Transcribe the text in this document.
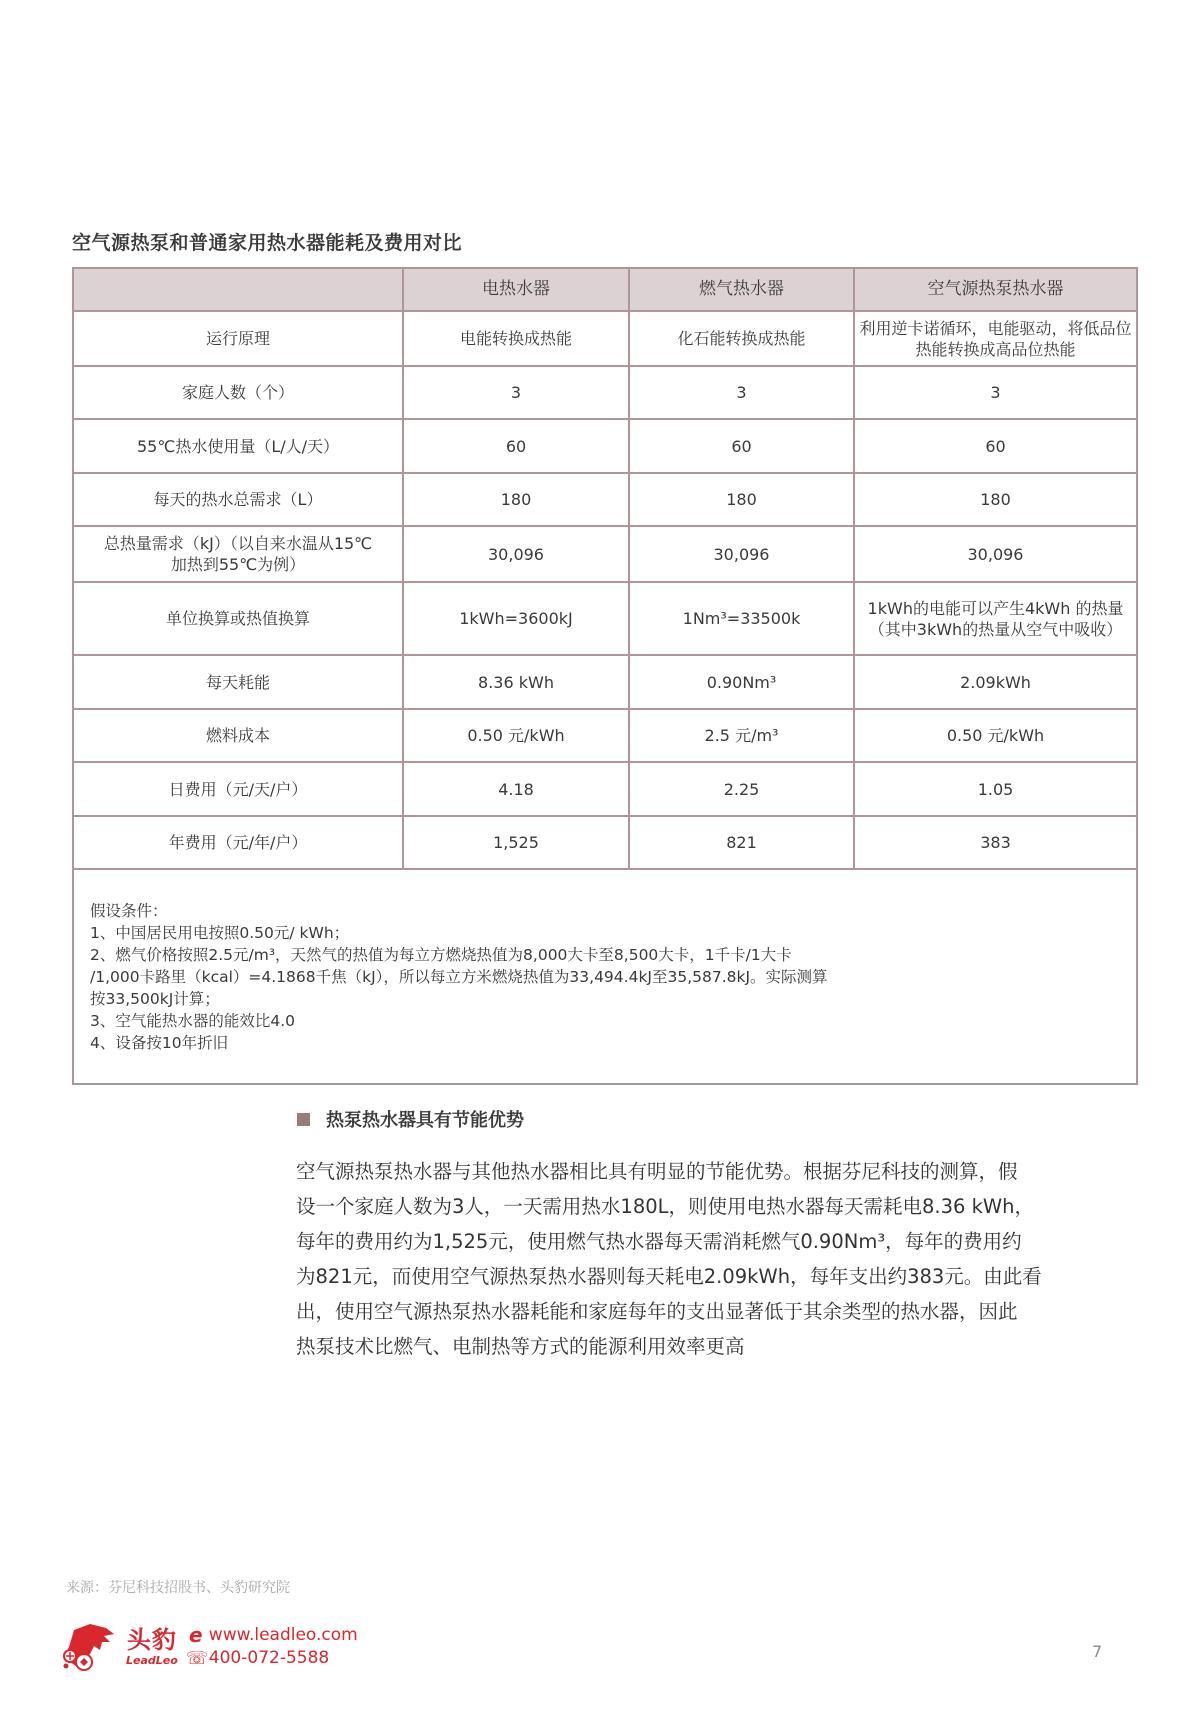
空气源热泵和普通家用热水器能耗及费用对比
	电热水器	燃气热水器	空气源热泵热水器
运行原理	电能转换成热能	化石能转换成热能	利用逆卡诺循环，电能驱动，将低品位热能转换成高品位热能
家庭人数（个）	3	3	3
55℃热水使用量（L/人/天）	60	60	60
每天的热水总需求（L）	180	180	180
总热量需求（kJ）（以自来水温从15℃加热到55℃为例）	30,096	30,096	30,096
单位换算或热值换算	1kWh=3600kJ	1Nm³=33500k	1kWh的电能可以产生4kWh 的热量（其中3kWh的热量从空气中吸收）
每天耗能	8.36 kWh	0.90Nm³	2.09kWh
燃料成本	0.50 元/kWh	2.5 元/m³	0.50 元/kWh
日费用（元/天/户）	4.18	2.25	1.05
年费用（元/年/户）	1,525	821	383

假设条件：
1、中国居民用电按照0.50元/ kWh；
2、燃气价格按照2.5元/m³，天然气的热值为每立方燃烧热值为8,000大卡至8,500大卡，1千卡/1大卡
/1,000卡路里（kcal）=4.1868千焦（kJ），所以每立方米燃烧热值为33,494.4kJ至35,587.8kJ。实际测算
按33,500kJ计算；
3、空气能热水器的能效比4.0
4、设备按10年折旧
热泵热水器具有节能优势
空气源热泵热水器与其他热水器相比具有明显的节能优势。根据芬尼科技的测算，假
设一个家庭人数为3人，一天需用热水180L，则使用电热水器每天需耗电8.36 kWh，
每年的费用约为1,525元，使用燃气热水器每天需消耗燃气0.90Nm³，每年的费用约
为821元，而使用空气源热泵热水器则每天耗电2.09kWh，每年支出约383元。由此看
出，使用空气源热泵热水器耗能和家庭每年的支出显著低于其余类型的热水器，因此
热泵技术比燃气、电制热等方式的能源利用效率更高
来源：芬尼科技招股书、头豹研究院
头豹
LeadLeo
e www.leadleo.com
☏ 400-072-5588	7
